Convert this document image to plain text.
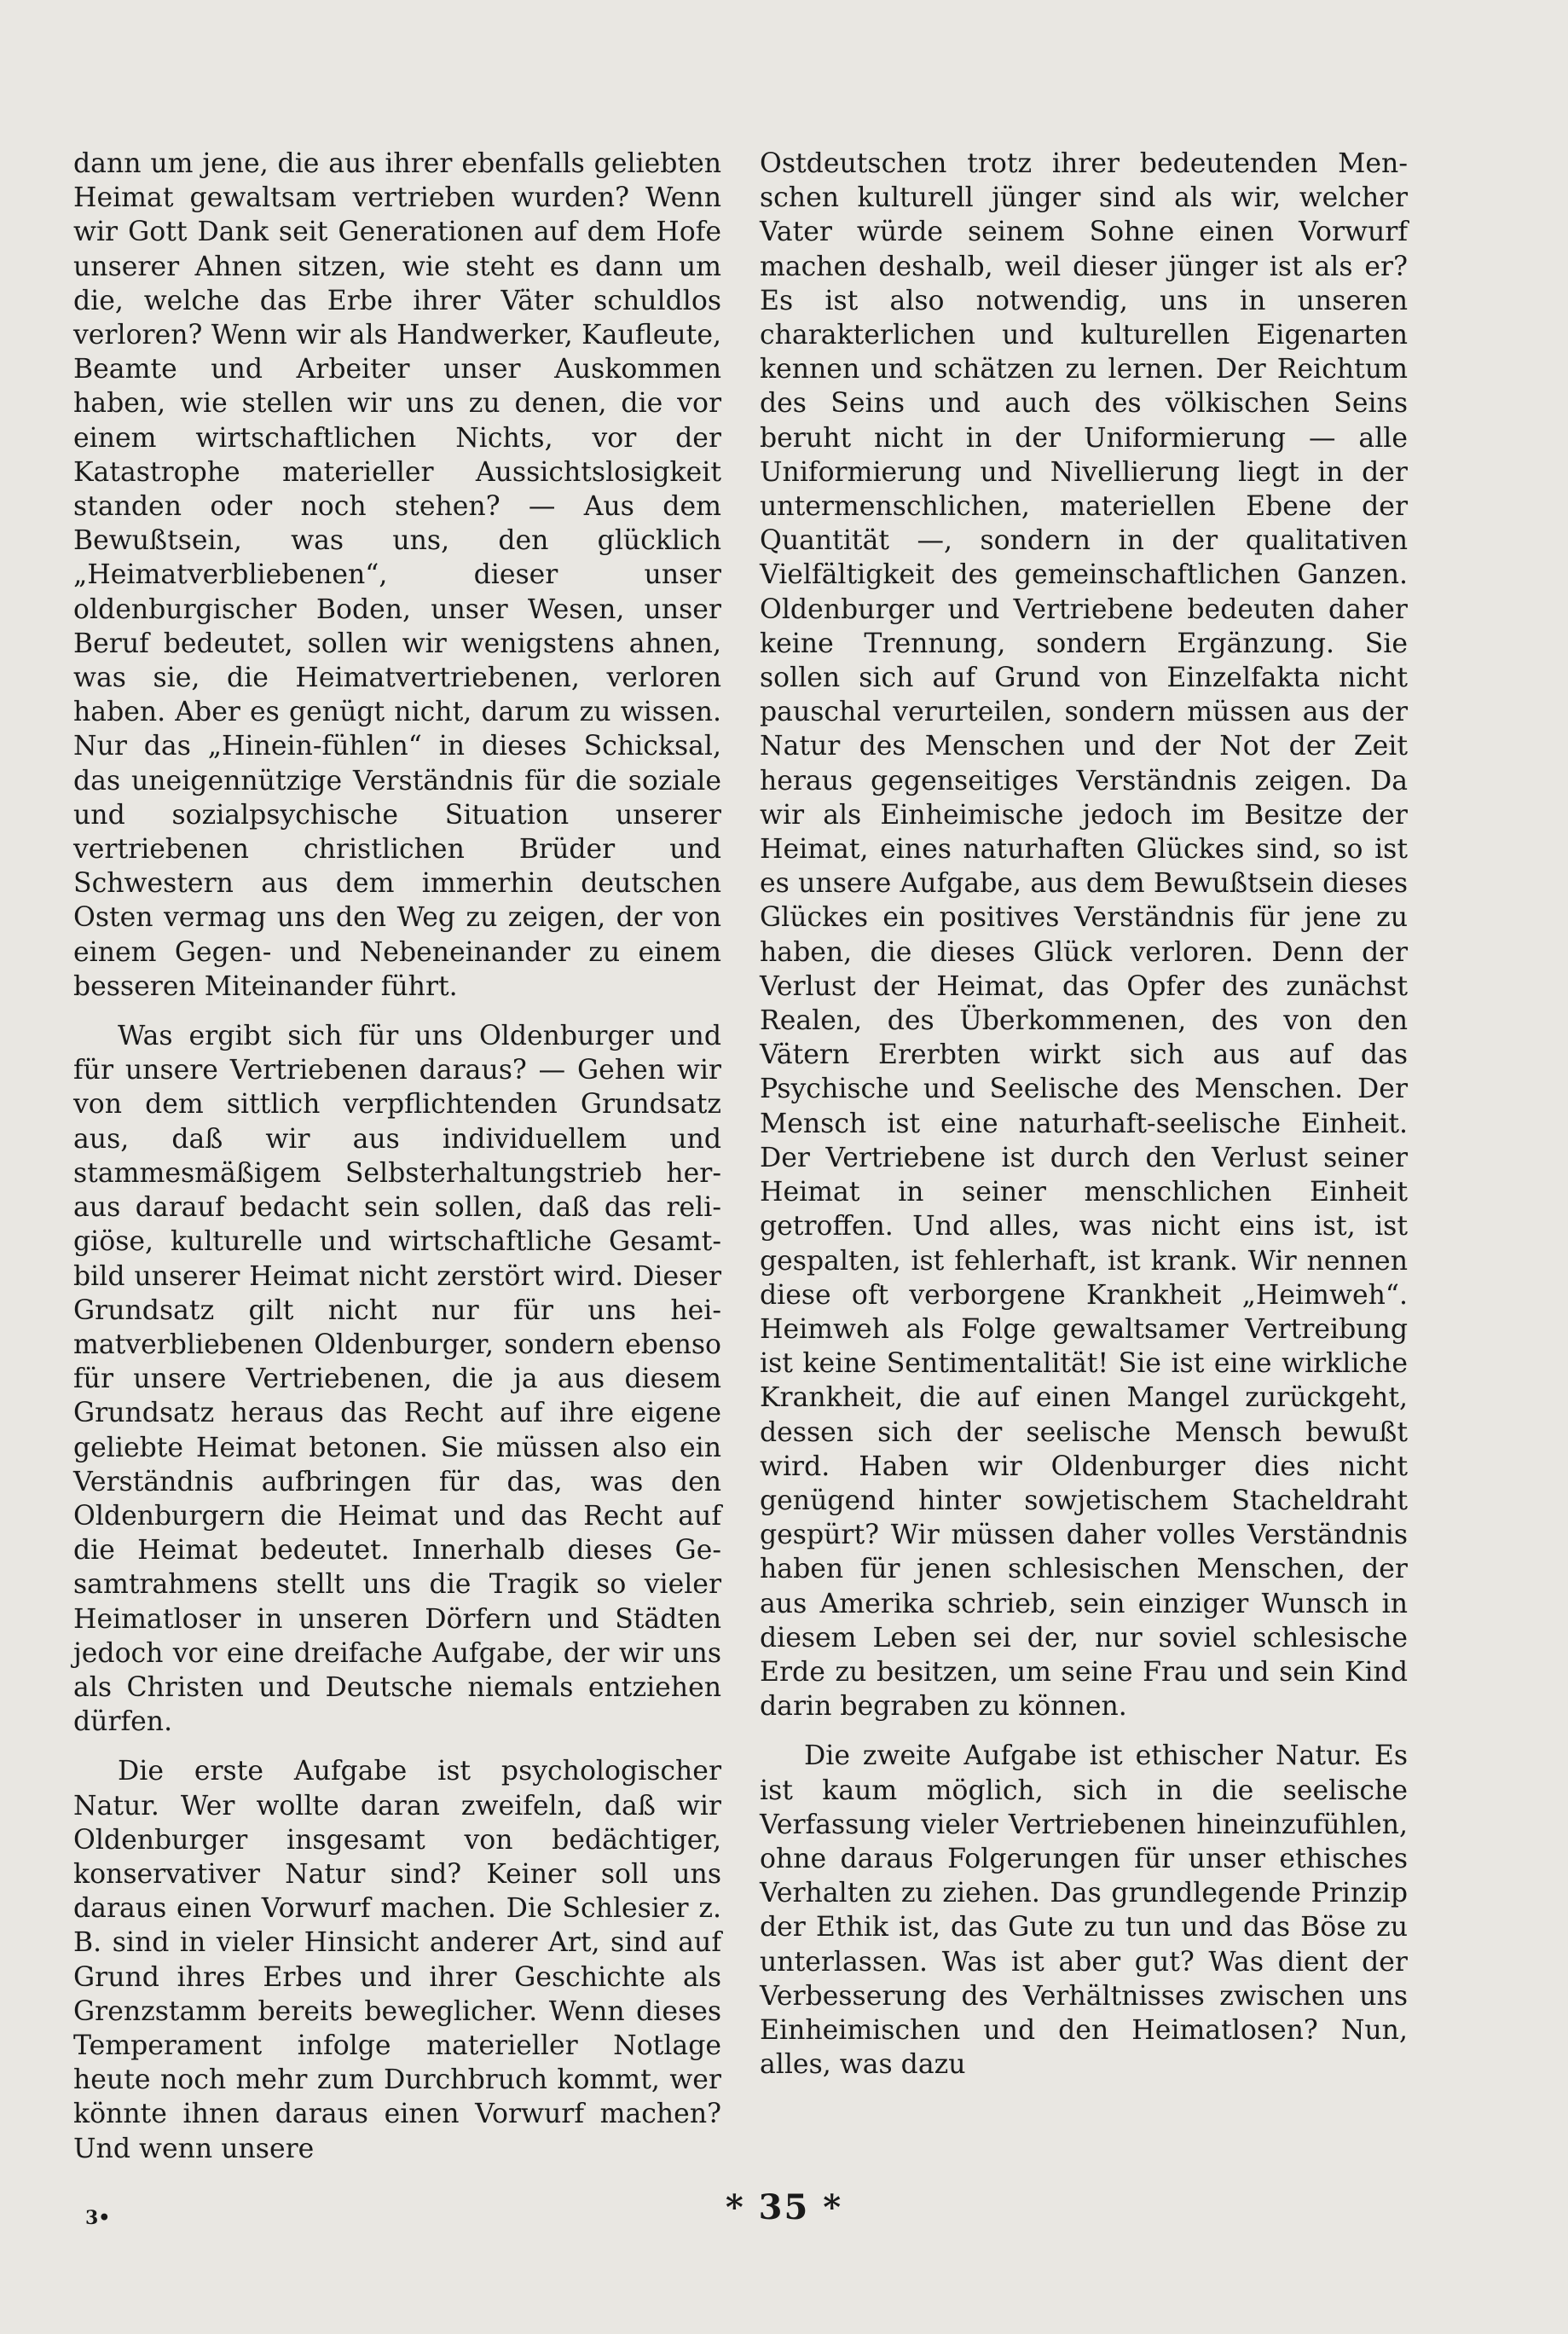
dann um jene, die aus ihrer ebenfalls geliebten Heimat gewaltsam vertrieben wurden? Wenn wir Gott Dank seit Generationen auf dem Hofe unserer Ahnen sitzen, wie steht es dann um die, welche das Erbe ihrer Väter schuldlos verloren? Wenn wir als Handwerker, Kaufleute, Beamte und Arbeiter unser Auskommen haben, wie stellen wir uns zu denen, die vor einem wirtschaftlichen Nichts, vor der Katastrophe materieller Aussichtslosigkeit standen oder noch stehen? — Aus dem Bewußtsein, was uns, den glücklich „Heimatverbliebenen“, dieser unser oldenburgischer Boden, unser Wesen, unser Beruf bedeutet, sollen wir wenigstens ahnen, was sie, die Heimatvertriebenen, verloren haben. Aber es genügt nicht, darum zu wissen. Nur das „Hinein-fühlen“ in dieses Schicksal, das uneigennützige Verständnis für die soziale und sozialpsychische Situation unserer vertriebenen christlichen Brüder und Schwestern aus dem immerhin deutschen Osten vermag uns den Weg zu zeigen, der von einem Gegen- und Nebeneinander zu einem besseren Miteinander führt.

Was ergibt sich für uns Oldenburger und für unsere Vertriebenen daraus? — Gehen wir von dem sittlich verpflichtenden Grundsatz aus, daß wir aus individuellem und stammesmäßigem Selbsterhaltungstrieb heraus darauf bedacht sein sollen, daß das religiöse, kulturelle und wirtschaftliche Gesamtbild unserer Heimat nicht zerstört wird. Dieser Grundsatz gilt nicht nur für uns heimatverbliebenen Oldenburger, sondern ebenso für unsere Vertriebenen, die ja aus diesem Grundsatz heraus das Recht auf ihre eigene geliebte Heimat betonen. Sie müssen also ein Verständnis aufbringen für das, was den Oldenburgern die Heimat und das Recht auf die Heimat bedeutet. Innerhalb dieses Gesamtrahmens stellt uns die Tragik so vieler Heimatloser in unseren Dörfern und Städten jedoch vor eine dreifache Aufgabe, der wir uns als Christen und Deutsche niemals entziehen dürfen.

Die erste Aufgabe ist psychologischer Natur. Wer wollte daran zweifeln, daß wir Oldenburger insgesamt von bedächtiger, konservativer Natur sind? Keiner soll uns daraus einen Vorwurf machen. Die Schlesier z. B. sind in vieler Hinsicht anderer Art, sind auf Grund ihres Erbes und ihrer Geschichte als Grenzstamm bereits beweglicher. Wenn dieses Temperament infolge materieller Notlage heute noch mehr zum Durchbruch kommt, wer könnte ihnen daraus einen Vorwurf machen? Und wenn unsere

Ostdeutschen trotz ihrer bedeutenden Menschen kulturell jünger sind als wir, welcher Vater würde seinem Sohne einen Vorwurf machen deshalb, weil dieser jünger ist als er? Es ist also notwendig, uns in unseren charakterlichen und kulturellen Eigenarten kennen und schätzen zu lernen. Der Reichtum des Seins und auch des völkischen Seins beruht nicht in der Uniformierung — alle Uniformierung und Nivellierung liegt in der untermenschlichen, materiellen Ebene der Quantität —, sondern in der qualitativen Vielfältigkeit des gemeinschaftlichen Ganzen. Oldenburger und Vertriebene bedeuten daher keine Trennung, sondern Ergänzung. Sie sollen sich auf Grund von Einzelfakta nicht pauschal verurteilen, sondern müssen aus der Natur des Menschen und der Not der Zeit heraus gegenseitiges Verständnis zeigen. Da wir als Einheimische jedoch im Besitze der Heimat, eines naturhaften Glückes sind, so ist es unsere Aufgabe, aus dem Bewußtsein dieses Glückes ein positives Verständnis für jene zu haben, die dieses Glück verloren. Denn der Verlust der Heimat, das Opfer des zunächst Realen, des Überkommenen, des von den Vätern Ererbten wirkt sich aus auf das Psychische und Seelische des Menschen. Der Mensch ist eine naturhaft-seelische Einheit. Der Vertriebene ist durch den Verlust seiner Heimat in seiner menschlichen Einheit getroffen. Und alles, was nicht eins ist, ist gespalten, ist fehlerhaft, ist krank. Wir nennen diese oft verborgene Krankheit „Heimweh“. Heimweh als Folge gewaltsamer Vertreibung ist keine Sentimentalität! Sie ist eine wirkliche Krankheit, die auf einen Mangel zurückgeht, dessen sich der seelische Mensch bewußt wird. Haben wir Oldenburger dies nicht genügend hinter sowjetischem Stacheldraht gespürt? Wir müssen daher volles Verständnis haben für jenen schlesischen Menschen, der aus Amerika schrieb, sein einziger Wunsch in diesem Leben sei der, nur soviel schlesische Erde zu besitzen, um seine Frau und sein Kind darin begraben zu können.

Die zweite Aufgabe ist ethischer Natur. Es ist kaum möglich, sich in die seelische Verfassung vieler Vertriebenen hineinzufühlen, ohne daraus Folgerungen für unser ethisches Verhalten zu ziehen. Das grundlegende Prinzip der Ethik ist, das Gute zu tun und das Böse zu unterlassen. Was ist aber gut? Was dient der Verbesserung des Verhältnisses zwischen uns Einheimischen und den Heimatlosen? Nun, alles, was dazu

3•	* 35 *
